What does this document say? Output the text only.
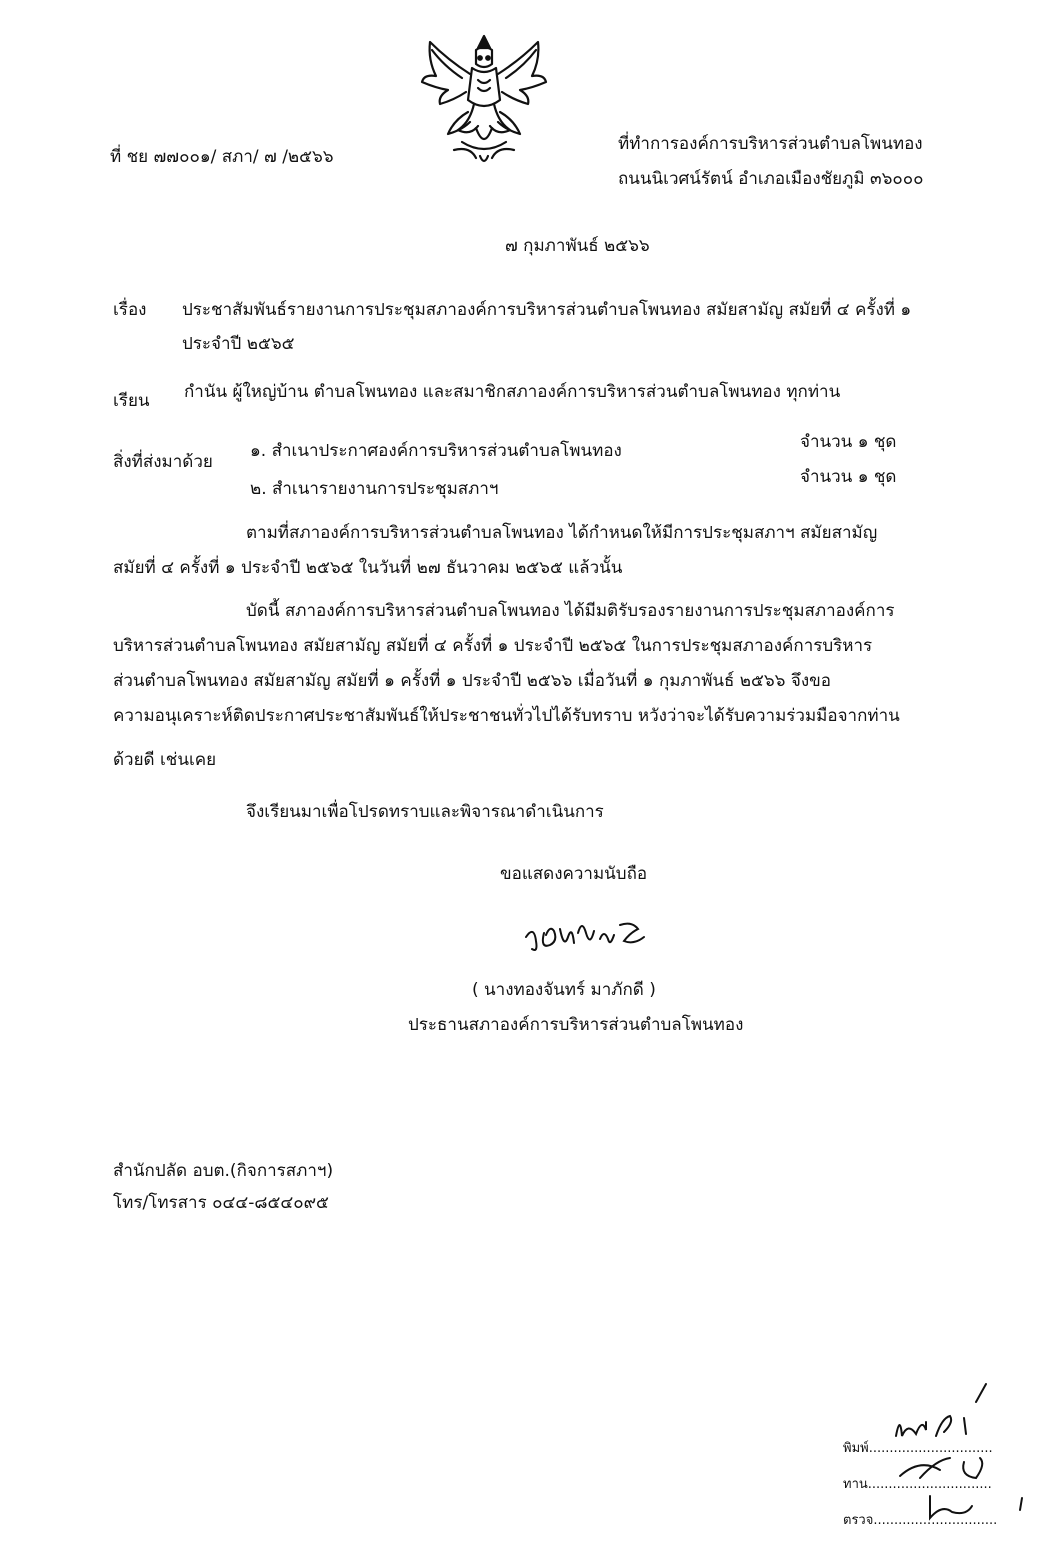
ที่ ชย ๗๗๐๐๑/ สภา/ ๗ /๒๕๖๖
ที่ทำการองค์การบริหารส่วนตำบลโพนทอง
ถนนนิเวศน์รัตน์ อำเภอเมืองชัยภูมิ ๓๖๐๐๐
๗ กุมภาพันธ์ ๒๕๖๖
เรื่อง ประชาสัมพันธ์รายงานการประชุมสภาองค์การบริหารส่วนตำบลโพนทอง สมัยสามัญ สมัยที่ ๔ ครั้งที่ ๑
ประจำปี ๒๕๖๕
เรียน กำนัน ผู้ใหญ่บ้าน ตำบลโพนทอง และสมาชิกสภาองค์การบริหารส่วนตำบลโพนทอง ทุกท่าน
สิ่งที่ส่งมาด้วย
๑. สำเนาประกาศองค์การบริหารส่วนตำบลโพนทอง	จำนวน ๑ ชุด
๒. สำเนารายงานการประชุมสภาฯ
จำนวน ๑ ชุด
ตามที่สภาองค์การบริหารส่วนตำบลโพนทอง ได้กำหนดให้มีการประชุมสภาฯ สมัยสามัญ
สมัยที่ ๔ ครั้งที่ ๑ ประจำปี ๒๕๖๕ ในวันที่ ๒๗ ธันวาคม ๒๕๖๕ แล้วนั้น
บัดนี้ สภาองค์การบริหารส่วนตำบลโพนทอง ได้มีมติรับรองรายงานการประชุมสภาองค์การ
บริหารส่วนตำบลโพนทอง สมัยสามัญ สมัยที่ ๔ ครั้งที่ ๑ ประจำปี ๒๕๖๕ ในการประชุมสภาองค์การบริหาร
ส่วนตำบลโพนทอง สมัยสามัญ สมัยที่ ๑ ครั้งที่ ๑ ประจำปี ๒๕๖๖ เมื่อวันที่ ๑ กุมภาพันธ์ ๒๕๖๖ จึงขอ
ความอนุเคราะห์ติดประกาศประชาสัมพันธ์ให้ประชาชนทั่วไปได้รับทราบ หวังว่าจะได้รับความร่วมมือจากท่าน
ด้วยดี เช่นเคย
จึงเรียนมาเพื่อโปรดทราบและพิจารณาดำเนินการ
ขอแสดงความนับถือ
( นางทองจันทร์ มาภักดี )
ประธานสภาองค์การบริหารส่วนตำบลโพนทอง
สำนักปลัด อบต.(กิจการสภาฯ)
โทร/โทรสาร ๐๔๔-๘๕๔๐๙๕
พิมพ์..............................
ทาน..............................
ตรวจ..............................
